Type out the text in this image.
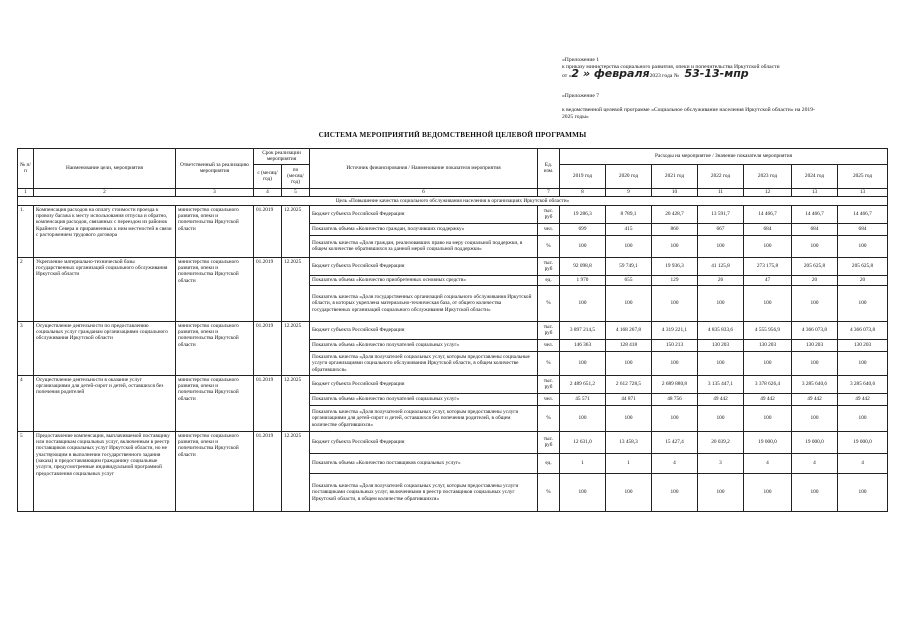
«Приложение 1
к приказу министерства социального развития, опеки и попечительства Иркутской области
от «2 » февраля2023 года № 53-13-мпр
«Приложение 7
к ведомственной целевой программе «Социальное обслуживание населения Иркутской области» на 2019-
2025 годы»
СИСТЕМА МЕРОПРИЯТИЙ ВЕДОМСТВЕННОЙ ЦЕЛЕВОЙ ПРОГРАММЫ
№ п/п	Наименование цели, мероприятия	Ответственный за реализацию мероприятия	Срок реализации мероприятия		Источник финансирования / Наименование показателя мероприятия	Ед. изм.	Расходы на мероприятие / Значение показателя мероприятия						
			с (месяц/год)	по (месяц/год)			2019 год	2020 год	2021 год	2022 год	2023 год	2024 год	2025 год
1	2	3	4	5	6	7	8	9	10	11	12	13	13
Цель «Повышение качества социального обслуживания населения в организациях Иркутской области»													
1.	Компенсация расходов на оплату стоимости проезда к провозу багажа к месту использования отпуска и обратно, компенсация расходов, связанных с переездом из районов Крайнего Севера и приравненных к ним местностей в связи с расторжением трудового договора	министерство социального развития, опеки и попечительства Иркутской области	01.2019	12.2025	Бюджет субъекта Российской Федерации	тыс. руб	19 286,3	8 789,1	20 428,7	13 591,7	14 466,7	14 466,7	14 466,7
					Показатель объема «Количество граждан, получивших поддержку»	чел.	699	415	860	667	684	684	684
					Показатель качества «Доля граждан, реализовавших право на меру социальной поддержки, в общем количестве обратившихся за данной мерой социальной поддержки»	%	100	100	100	100	100	100	100
2	Укрепление материально-технической базы государственных организаций социального обслуживания Иркутской области	министерство социального развития, опеки и попечительства Иркутской области	01.2019	12.2025	Бюджет субъекта Российской Федерации	тыс. руб	92 098,8	59 749,1	19 936,3	41 125,8	273 175,8	205 625,8	205 625,8
					Показатель объема «Количество приобретенных основных средств»	ед.	1 970	655	129	26	47	20	20
					Показатель качества «Доля государственных организаций социального обслуживания Иркутской области, в которых укреплена материально-техническая база, от общего количества государственных организаций социального обслуживания Иркутской области»	%	100	100	100	100	100	100	100
3	Осуществление деятельности по предоставлению социальных услуг гражданам организациями социального обслуживания Иркутской области	министерство социального развития, опеки и попечительства Иркутской области	01.2019	12.2025	Бюджет субъекта Российской Федерации	тыс. руб	3 897 214,5	4 168 267,8	4 319 221,1	4 835 833,6	4 555 956,9	4 366 073,8	4 366 073,8
					Показатель объема «Количество получателей социальных услуг»	чел.	146 363	128 418	150 213	130 203	130 203	130 203	130 203
					Показатель качества «Доля получателей социальных услуг, которым предоставлены социальные услуги организациями социального обслуживания Иркутской области, в общем количестве обратившихся»	%	100	100	100	100	100	100	100
4	Осуществление деятельности в оказание услуг организациями для детей-сирот и детей, оставшихся без попечения родителей	министерство социального развития, опеки и попечительства Иркутской области	01.2019	12.2025	Бюджет субъекта Российской Федерации	тыс. руб	2 489 651,2	2 612 728,5	2 689 880,8	3 135 447,1	3 378 626,4	3 285 640,6	3 285 640,6
					Показатель объема «Количество получателей социальных услуг»	чел.	45 571	44 871	48 756	49 442	49 442	49 442	49 442
					Показатель качества «Доля получателей социальных услуг, которым предоставлены услуги организациями для детей-сирот и детей, оставшихся без попечения родителей, в общем количестве обратившихся»	%	100	100	100	100	100	100	100
5	Предоставление компенсации, выплачиваемой поставщику или поставщикам социальных услуг, включенным в реестр поставщиков социальных услуг Иркутской области, но не участвующим в выполнении государственного задания (заказа) и предоставляющим гражданину социальные услуги, предусмотренные индивидуальной программой предоставления социальных услуг	министерство социального развития, опеки и попечительства Иркутской области	01.2019	12.2025	Бюджет субъекта Российской Федерации	тыс. руб	12 631,0	13 458,3	15 427,4	20 039,2	19 000,0	19 000,0	19 000,0
					Показатель объема «Количество поставщиков социальных услуг»	ед.	1	1	4	3	4	4	4
					Показатель качества «Доля получателей социальных услуг, которым предоставлены услуги поставщиками социальных услуг, включенными в реестр поставщиков социальных услуг Иркутской области, в общем количестве обратившихся»	%	100	100	100	100	100	100	100
